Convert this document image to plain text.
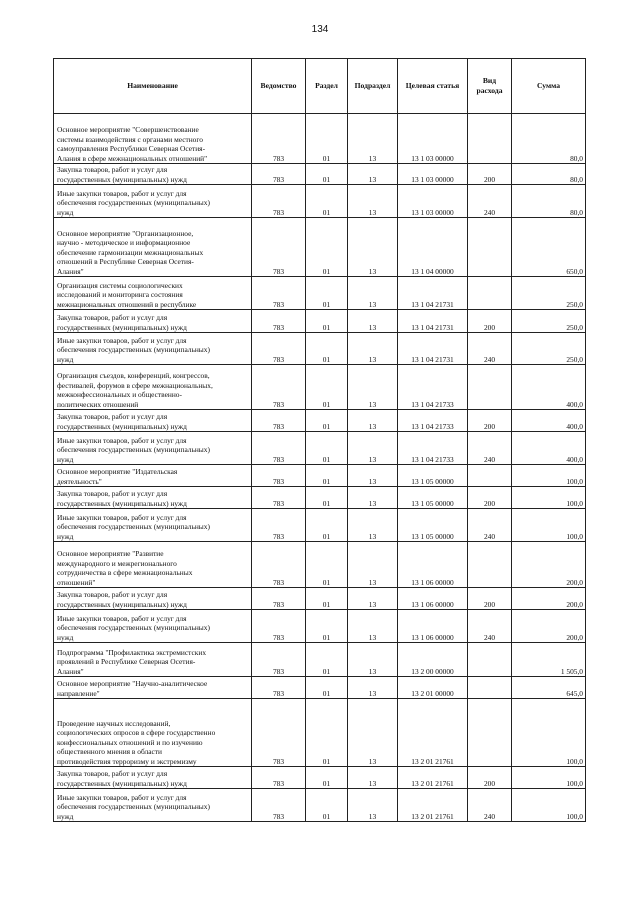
134
Наименование	Ведомство	Раздел	Подраздел	Целевая статья	Вид расхода	Сумма
Основное мероприятие "Совершенствование
системы взаимодействия с органами местного
самоуправления Республики Северная Осетия-
Алания в сфере межнациональных отношений"	783	01	13	13 1 03 00000		80,0
Закупка товаров, работ и услуг для
государственных (муниципальных) нужд	783	01	13	13 1 03 00000	200	80,0
Иные закупки товаров, работ и услуг для
обеспечения государственных (муниципальных)
нужд	783	01	13	13 1 03 00000	240	80,0
Основное мероприятие "Организационное,
научно - методическое и информационное
обеспечение гармонизации межнациональных
отношений в Республике Северная Осетия-
Алания"	783	01	13	13 1 04 00000		650,0
Организация системы социологических
исследований и мониторинга состояния
межнациональных отношений в республике	783	01	13	13 1 04 21731		250,0
Закупка товаров, работ и услуг для
государственных (муниципальных) нужд	783	01	13	13 1 04 21731	200	250,0
Иные закупки товаров, работ и услуг для
обеспечения государственных (муниципальных)
нужд	783	01	13	13 1 04 21731	240	250,0
Организация съездов, конференций, конгрессов,
фестивалей, форумов в сфере межнациональных,
межконфессиональных и общественно-
политических отношений	783	01	13	13 1 04 21733		400,0
Закупка товаров, работ и услуг для
государственных (муниципальных) нужд	783	01	13	13 1 04 21733	200	400,0
Иные закупки товаров, работ и услуг для
обеспечения государственных (муниципальных)
нужд	783	01	13	13 1 04 21733	240	400,0
Основное мероприятие "Издательская
деятельность"	783	01	13	13 1 05 00000		100,0
Закупка товаров, работ и услуг для
государственных (муниципальных) нужд	783	01	13	13 1 05 00000	200	100,0
Иные закупки товаров, работ и услуг для
обеспечения государственных (муниципальных)
нужд	783	01	13	13 1 05 00000	240	100,0
Основное мероприятие "Развитие
международного и межрегионального
сотрудничества в сфере межнациональных
отношений"	783	01	13	13 1 06 00000		200,0
Закупка товаров, работ и услуг для
государственных (муниципальных) нужд	783	01	13	13 1 06 00000	200	200,0
Иные закупки товаров, работ и услуг для
обеспечения государственных (муниципальных)
нужд	783	01	13	13 1 06 00000	240	200,0
Подпрограмма "Профилактика экстремистских
проявлений в Республике Северная Осетия-
Алания"	783	01	13	13 2 00 00000		1 505,0
Основное мероприятие "Научно-аналитическое
направление"	783	01	13	13 2 01 00000		645,0
Проведение научных исследований,
социологических опросов в сфере государственно
конфессиональных отношений и по изучению
общественного мнения в области
противодействия терроризму и экстремизму	783	01	13	13 2 01 21761		100,0
Закупка товаров, работ и услуг для
государственных (муниципальных) нужд	783	01	13	13 2 01 21761	200	100,0
Иные закупки товаров, работ и услуг для
обеспечения государственных (муниципальных)
нужд	783	01	13	13 2 01 21761	240	100,0
